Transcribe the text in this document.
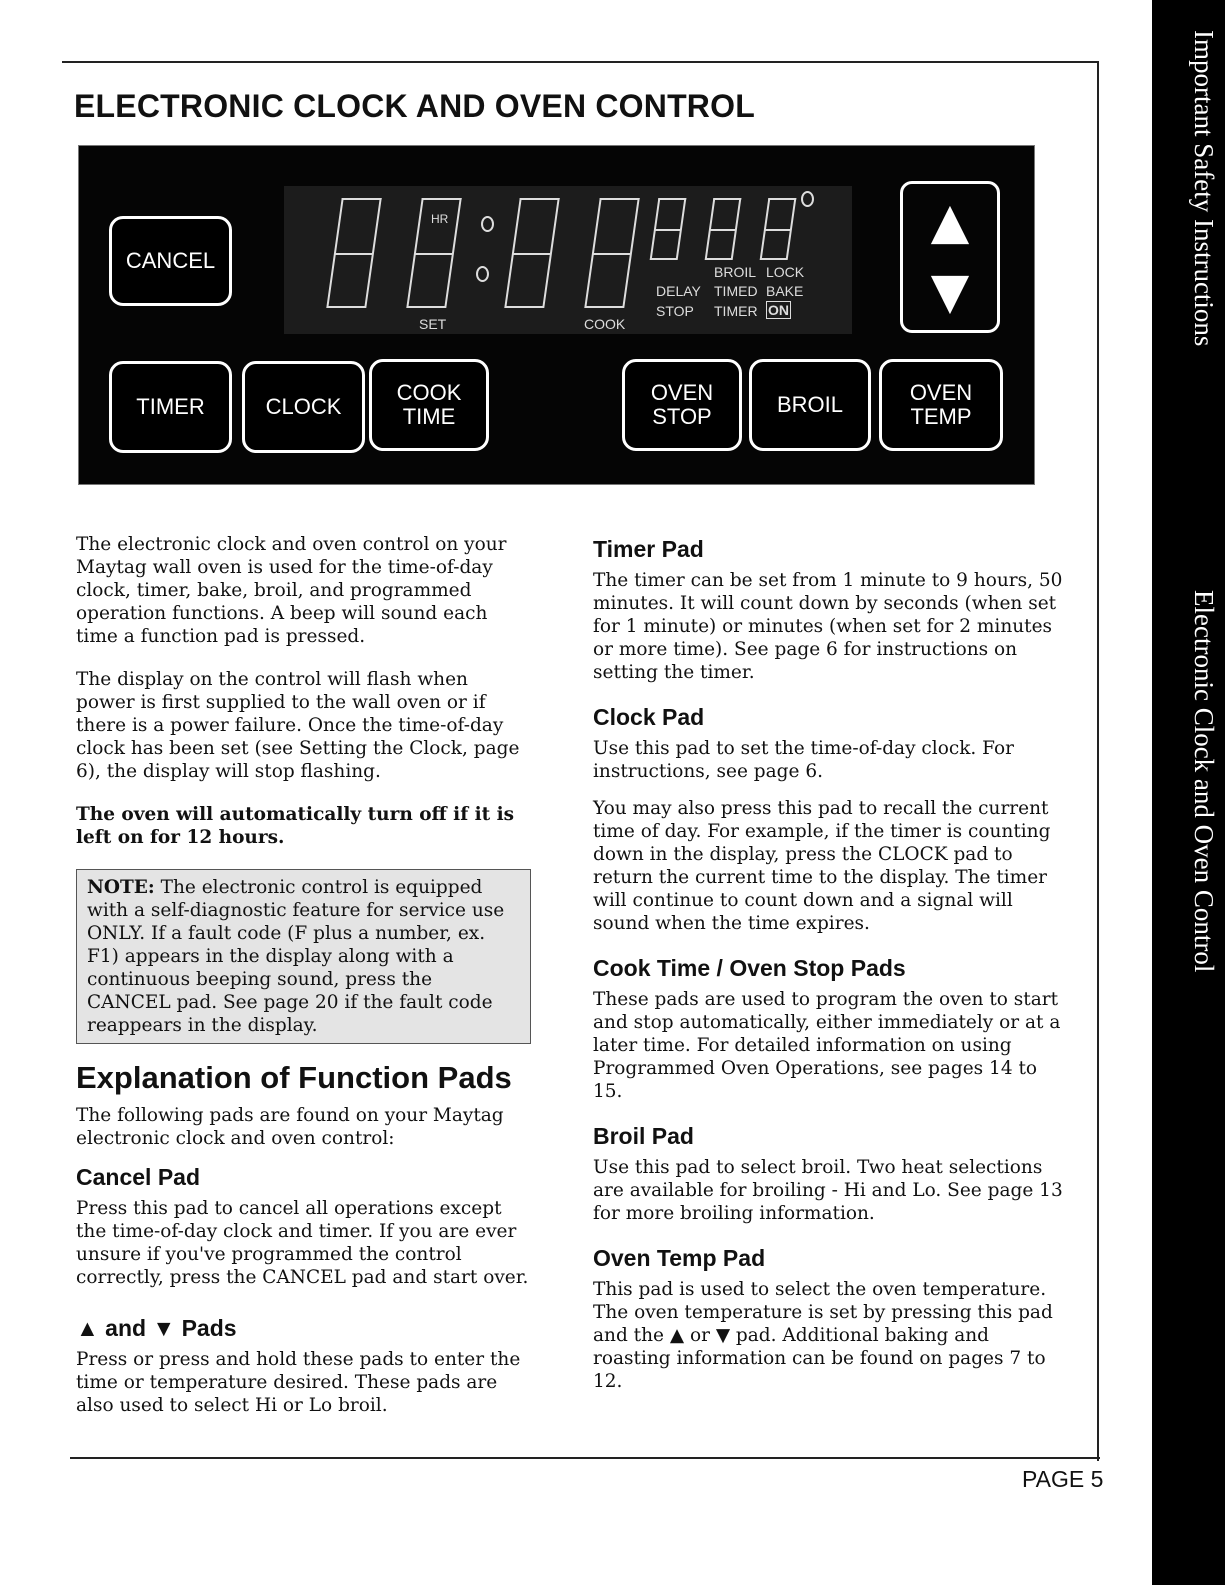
ELECTRONIC CLOCK AND OVEN CONTROL	Important Safety Instructions
Electronic Clock and Oven Control
CANCEL
HR
SET	COOK
BROIL LOCK
DELAY TIMED BAKE
STOP TIMER ON
▲
▼
TIMER	CLOCK
COOK TIME
OVEN STOP	BROIL	OVEN TEMP

The electronic clock and oven control on your Maytag wall oven is used for the time-of-day clock, timer, bake, broil, and programmed operation functions. A beep will sound each time a function pad is pressed.

The display on the control will flash when power is first supplied to the wall oven or if there is a power failure. Once the time-of-day clock has been set (see Setting the Clock, page 6), the display will stop flashing.

The oven will automatically turn off if it is left on for 12 hours.

NOTE: The electronic control is equipped with a self-diagnostic feature for service use ONLY. If a fault code (F plus a number, ex. F1) appears in the display along with a continuous beeping sound, press the CANCEL pad. See page 20 if the fault code reappears in the display.
Explanation of Function Pads

The following pads are found on your Maytag electronic clock and oven control:

Cancel Pad

Press this pad to cancel all operations except the time-of-day clock and timer. If you are ever unsure if you've programmed the control correctly, press the CANCEL pad and start over.

▲ and ▼ Pads

Press or press and hold these pads to enter the time or temperature desired. These pads are also used to select Hi or Lo broil.

Timer Pad

The timer can be set from 1 minute to 9 hours, 50 minutes. It will count down by seconds (when set for 1 minute) or minutes (when set for 2 minutes or more time). See page 6 for instructions on setting the timer.

Clock Pad

Use this pad to set the time-of-day clock. For instructions, see page 6.

You may also press this pad to recall the current time of day. For example, if the timer is counting down in the display, press the CLOCK pad to return the current time to the display. The timer will continue to count down and a signal will sound when the time expires.

Cook Time / Oven Stop Pads

These pads are used to program the oven to start and stop automatically, either immediately or at a later time. For detailed information on using Programmed Oven Operations, see pages 14 to 15.

Broil Pad

Use this pad to select broil. Two heat selections are available for broiling - Hi and Lo. See page 13 for more broiling information.

Oven Temp Pad

This pad is used to select the oven temperature. The oven temperature is set by pressing this pad and the ▲ or ▼ pad. Additional baking and roasting information can be found on pages 7 to 12.

PAGE 5
